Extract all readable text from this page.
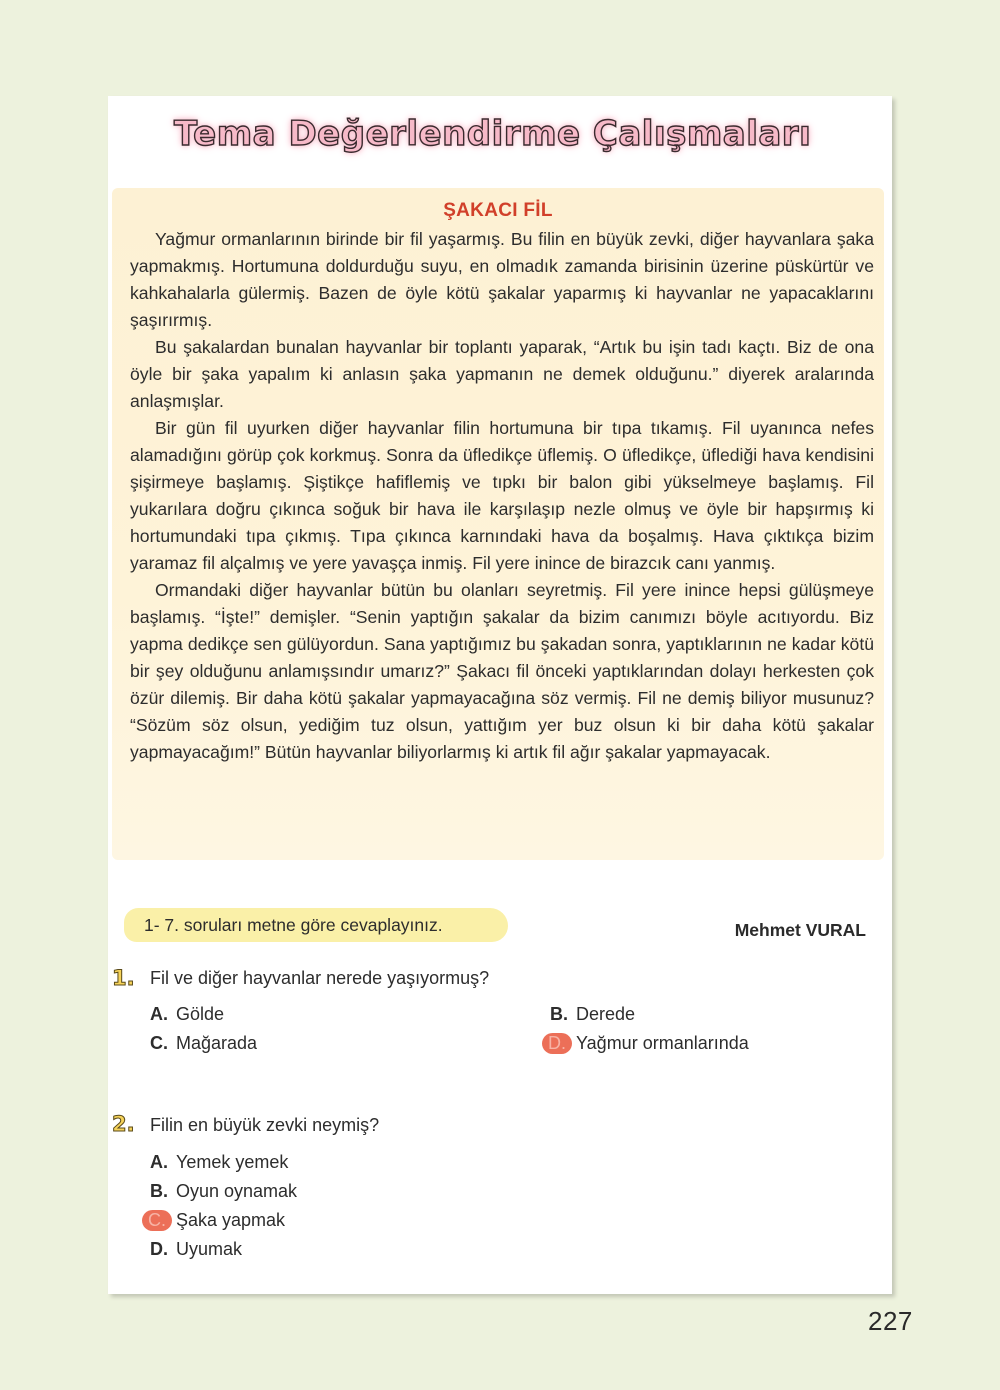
Tema Değerlendirme Çalışmaları
ŞAKACI FİL

Yağmur ormanlarının birinde bir fil yaşarmış. Bu filin en büyük zevki, diğer hayvanlara şaka yapmakmış. Hortumuna doldurduğu suyu, en olmadık zamanda birisinin üzerine püskürtür ve kahkahalarla gülermiş. Bazen de öyle kötü şakalar yaparmış ki hayvanlar ne yapacaklarını şaşırırmış.

Bu şakalardan bunalan hayvanlar bir toplantı yaparak, “Artık bu işin tadı kaçtı. Biz de ona öyle bir şaka yapalım ki anlasın şaka yapmanın ne demek olduğunu.” diyerek aralarında anlaşmışlar.

Bir gün fil uyurken diğer hayvanlar filin hortumuna bir tıpa tıkamış. Fil uyanınca nefes alamadığını görüp çok korkmuş. Sonra da üfledikçe üflemiş. O üfledikçe, üflediği hava kendisini şişirmeye başlamış. Şiştikçe hafiflemiş ve tıpkı bir balon gibi yükselmeye başlamış. Fil yukarılara doğru çıkınca soğuk bir hava ile karşılaşıp nezle olmuş ve öyle bir hapşırmış ki hortumundaki tıpa çıkmış. Tıpa çıkınca karnındaki hava da boşalmış. Hava çıktıkça bizim yaramaz fil alçalmış ve yere yavaşça inmiş. Fil yere inince de birazcık canı yanmış.

Ormandaki diğer hayvanlar bütün bu olanları seyretmiş. Fil yere inince hepsi gülüşmeye başlamış. “İşte!” demişler. “Senin yaptığın şakalar da bizim canımızı böyle acıtıyordu. Biz yapma dedikçe sen gülüyordun. Sana yaptığımız bu şakadan sonra, yaptıklarının ne kadar kötü bir şey olduğunu anlamışsındır umarız?” Şakacı fil önceki yaptıklarından dolayı herkesten çok özür dilemiş. Bir daha kötü şakalar yapmayacağına söz vermiş. Fil ne demiş biliyor musunuz? “Sözüm söz olsun, yediğim tuz olsun, yattığım yer buz olsun ki bir daha kötü şakalar yapmayacağım!” Bütün hayvanlar biliyorlarmış ki artık fil ağır şakalar yapmayacak.

Mehmet VURAL
1- 7. soruları metne göre cevaplayınız.
1. Fil ve diğer hayvanlar nerede yaşıyormuş?
A. Gölde	B. Derede
C. Mağarada	D. Yağmur ormanlarında
2. Filin en büyük zevki neymiş?
A. Yemek yemek
B. Oyun oynamak
C. Şaka yapmak
D. Uyumak
227
